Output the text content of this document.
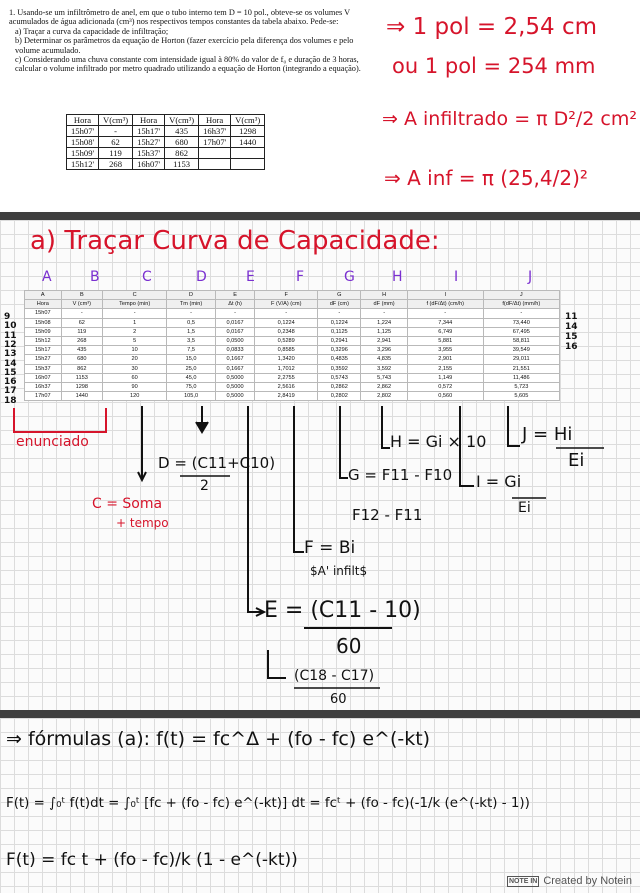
1. Usando-se um infiltrômetro de anel, em que o tubo interno tem D = 10 pol., obteve-se os volumes V acumulados de água adicionada (cm³) nos respectivos tempos constantes da tabela abaixo. Pede-se:

a) Traçar a curva da capacidade de infiltração;

b) Determinar os parâmetros da equação de Horton (fazer exercício pela diferença dos volumes e pelo volume acumulado.

c) Considerando uma chuva constante com intensidade igual à 80% do valor de f₀ e duração de 3 horas, calcular o volume infiltrado por metro quadrado utilizando a equação de Horton (integrando a equação).

Hora	V(cm³)	Hora	V(cm³)	Hora	V(cm³)
15h07'	-	15h17'	435	16h37'	1298
15h08'	62	15h27'	680	17h07'	1440
15h09'	119	15h37'	862		
15h12'	268	16h07'	1153		
⇒ 1 pol = 2,54 cm
ou 1 pol = 254 mm
⇒ A infiltrado = π D²/2 cm²
⇒ A inf = π (25,4/2)²
a) Traçar Curva de Capacidade:
A	B	C	D	E	F	G	H	I	J
A	B	C	D	E	F	G	H	I	J
Hora	V (cm³)	Tempo (min)	Tm (min)	Δt (h)	F (V/A) (cm)	dF (cm)	dF (mm)	f (dF/Δt) (cm/h)	f(dF/Δt) (mm/h)
15h07	-	-	-	-	-	-	-	-	-
15h08	62	1	0,5	0,0167	0,1224	0,1224	1,224	7,344	73,440
15h09	119	2	1,5	0,0167	0,2348	0,1125	1,125	6,749	67,495
15h12	268	5	3,5	0,0500	0,5289	0,2941	2,941	5,881	58,811
15h17	435	10	7,5	0,0833	0,8585	0,3296	3,296	3,955	39,549
15h27	680	20	15,0	0,1667	1,3420	0,4835	4,835	2,901	29,011
15h37	862	30	25,0	0,1667	1,7012	0,3592	3,592	2,155	21,551
16h07	1153	60	45,0	0,5000	2,2755	0,5743	5,743	1,149	11,486
16h37	1298	90	75,0	0,5000	2,5616	0,2862	2,862	0,572	5,723
17h07	1440	120	105,0	0,5000	2,8419	0,2802	2,802	0,560	5,605
9
10
11
12
13
14
15
16
17
18
11
14
15
16
enunciado
C = Soma
+ tempo
D = (C11+C10)
2
E = (C11 - 10)
60
(C18 - C17)
60
F = Bi
$A' infilt$
G = F11 - F10
F12 - F11
H = Gi × 10
I = Gi
Ei
J = Hi
Ei
⇒ fórmulas (a): f(t) = fc^Δ + (fo - fc) e^(-kt)
F(t) = ∫₀ᵗ f(t)dt = ∫₀ᵗ [fc + (fo - fc) e^(-kt)] dt = fcᵗ + (fo - fc)(-1/k (e^(-kt) - 1))
F(t) = fc t + (fo - fc)/k (1 - e^(-kt))
NOTE IN Created by Notein
